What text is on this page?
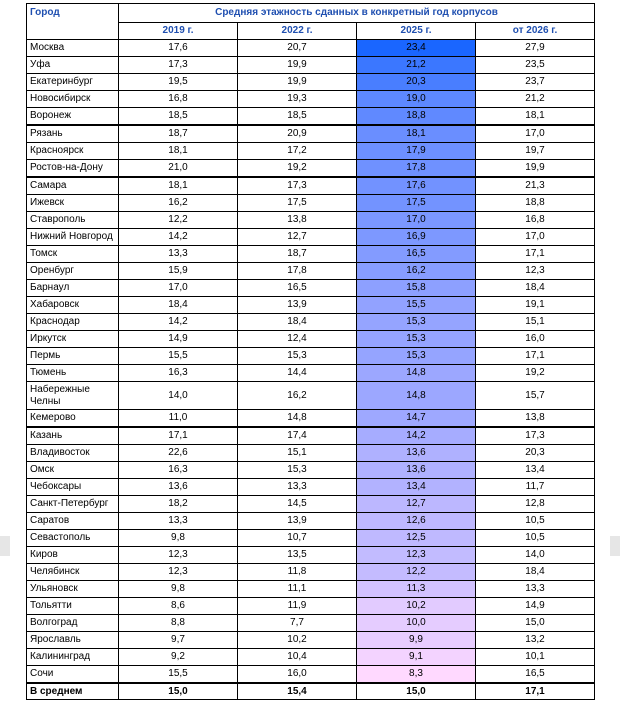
Город	Средняя этажность сданных в конкретный год корпусов			
	2019 г.	2022 г.	2025 г.	от 2026 г.
Москва	17,6	20,7	23,4	27,9
Уфа	17,3	19,9	21,2	23,5
Екатеринбург	19,5	19,9	20,3	23,7
Новосибирск	16,8	19,3	19,0	21,2
Воронеж	18,5	18,5	18,8	18,1
Рязань	18,7	20,9	18,1	17,0
Красноярск	18,1	17,2	17,9	19,7
Ростов-на-Дону	21,0	19,2	17,8	19,9
Самара	18,1	17,3	17,6	21,3
Ижевск	16,2	17,5	17,5	18,8
Ставрополь	12,2	13,8	17,0	16,8
Нижний Новгород	14,2	12,7	16,9	17,0
Томск	13,3	18,7	16,5	17,1
Оренбург	15,9	17,8	16,2	12,3
Барнаул	17,0	16,5	15,8	18,4
Хабаровск	18,4	13,9	15,5	19,1
Краснодар	14,2	18,4	15,3	15,1
Иркутск	14,9	12,4	15,3	16,0
Пермь	15,5	15,3	15,3	17,1
Тюмень	16,3	14,4	14,8	19,2
Набережные Челны	14,0	16,2	14,8	15,7
Кемерово	11,0	14,8	14,7	13,8
Казань	17,1	17,4	14,2	17,3
Владивосток	22,6	15,1	13,6	20,3
Омск	16,3	15,3	13,6	13,4
Чебоксары	13,6	13,3	13,4	11,7
Санкт-Петербург	18,2	14,5	12,7	12,8
Саратов	13,3	13,9	12,6	10,5
Севастополь	9,8	10,7	12,5	10,5
Киров	12,3	13,5	12,3	14,0
Челябинск	12,3	11,8	12,2	18,4
Ульяновск	9,8	11,1	11,3	13,3
Тольятти	8,6	11,9	10,2	14,9
Волгоград	8,8	7,7	10,0	15,0
Ярославль	9,7	10,2	9,9	13,2
Калининград	9,2	10,4	9,1	10,1
Сочи	15,5	16,0	8,3	16,5
В среднем	15,0	15,4	15,0	17,1
